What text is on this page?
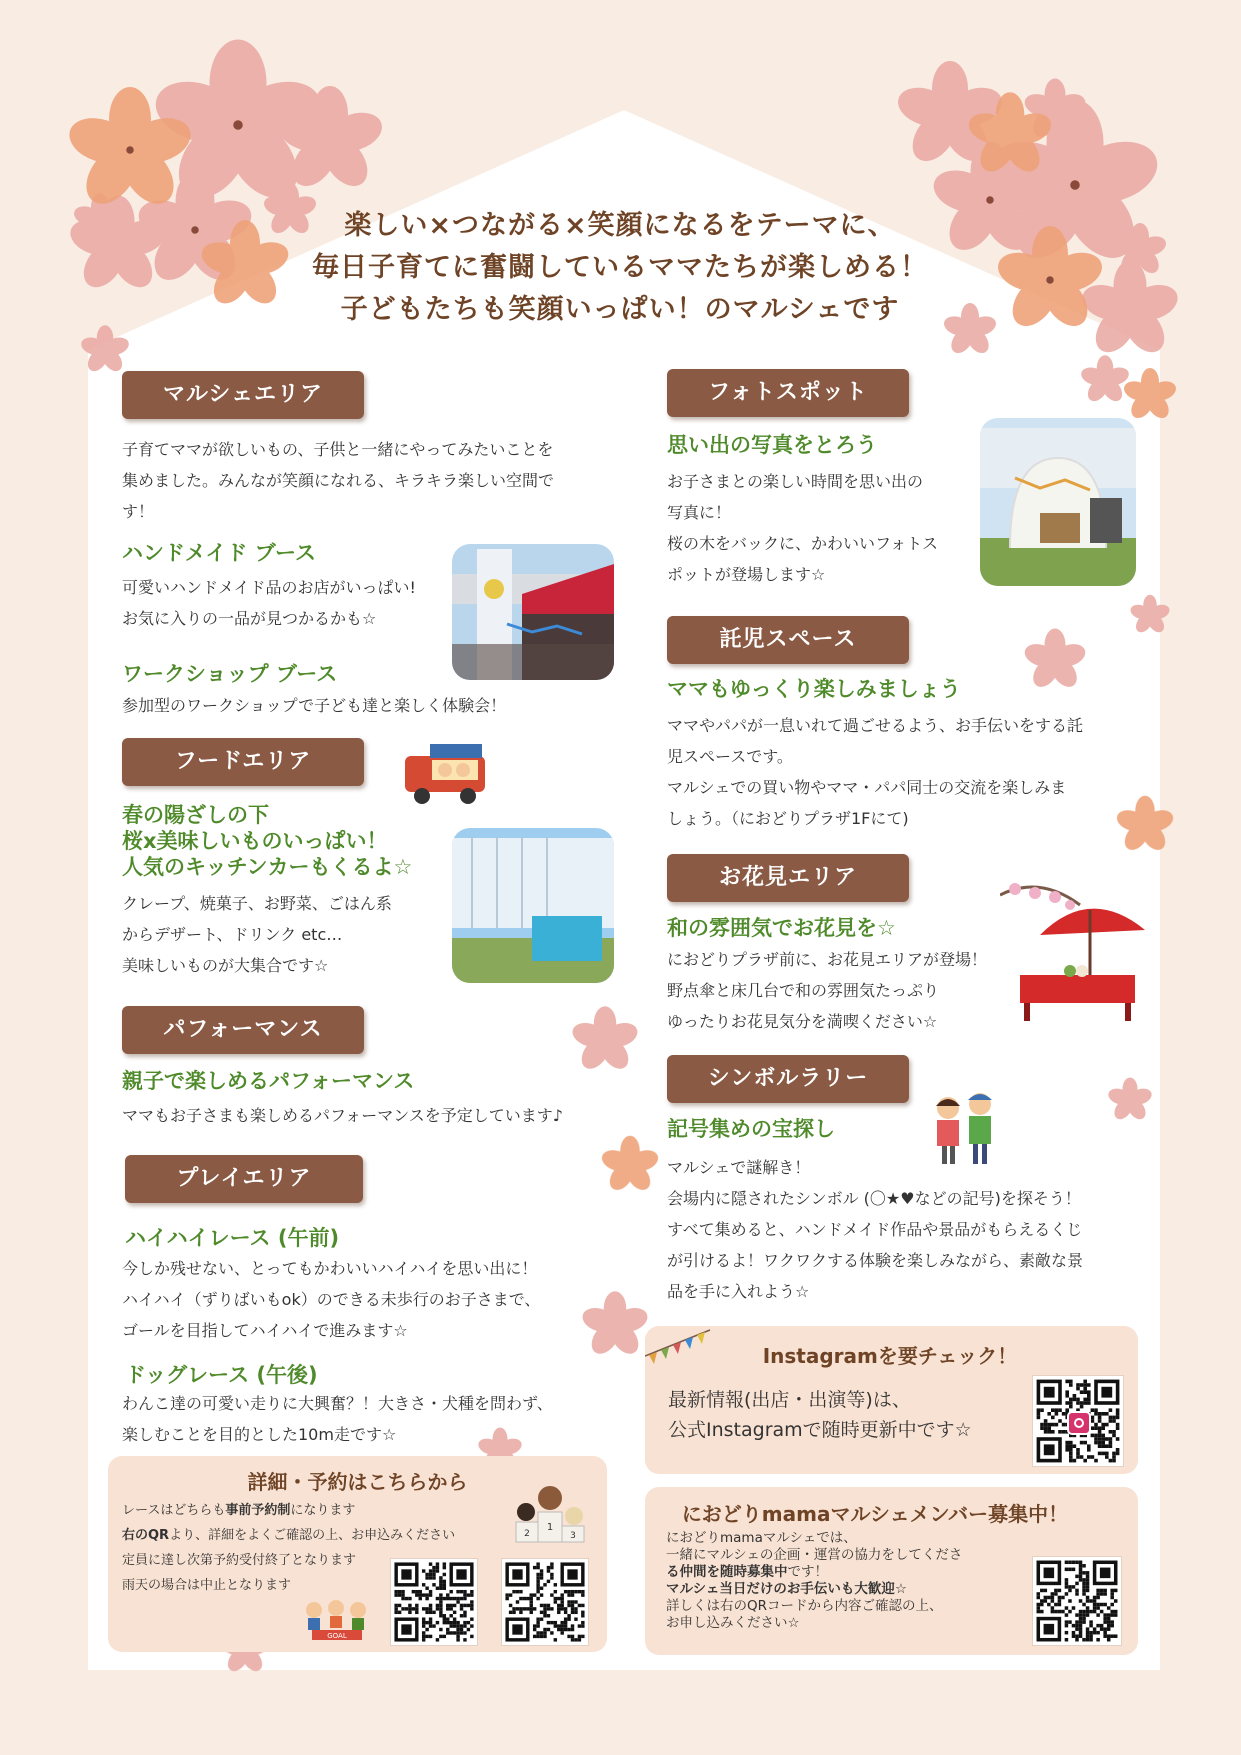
楽しい×つながる×笑顔になるをテーマに、
毎日子育てに奮闘しているママたちが楽しめる！
子どもたちも笑顔いっぱい！のマルシェです
マルシェエリア
子育てママが欲しいもの、子供と一緒にやってみたいことを
集めました。みんなが笑顔になれる、キラキラ楽しい空間で
す！
ハンドメイド ブース
可愛いハンドメイド品のお店がいっぱい!
お気に入りの一品が見つかるかも☆
ワークショップ ブース
参加型のワークショップで子ども達と楽しく体験会！
フードエリア
春の陽ざしの下
桜x美味しいものいっぱい！
人気のキッチンカーもくるよ☆
クレープ、焼菓子、お野菜、ごはん系
からデザート、ドリンク etc…
美味しいものが大集合です☆
パフォーマンス
親子で楽しめるパフォーマンス
ママもお子さまも楽しめるパフォーマンスを予定しています♪
プレイエリア
ハイハイレース (午前)
今しか残せない、とってもかわいいハイハイを思い出に！
ハイハイ（ずりばいもok）のできる未歩行のお子さまで、
ゴールを目指してハイハイで進みます☆
ドッグレース (午後)
わんこ達の可愛い走りに大興奮？！大きさ・犬種を問わず、
楽しむことを目的とした10m走です☆
詳細・予約はこちらから
レースはどちらも事前予約制になります
右のQRより、詳細をよくご確認の上、お申込みください
定員に達し次第予約受付終了となります
雨天の場合は中止となります
2
1
3
GOAL
フォトスポット
思い出の写真をとろう
お子さまとの楽しい時間を思い出の
写真に！
桜の木をバックに、かわいいフォトス
ポットが登場します☆
託児スペース
ママもゆっくり楽しみましょう
ママやパパが一息いれて過ごせるよう、お手伝いをする託
児スペースです。
マルシェでの買い物やママ・パパ同士の交流を楽しみま
しょう。（におどりプラザ1Fにて)
お花見エリア
和の雰囲気でお花見を☆
におどりプラザ前に、お花見エリアが登場！
野点傘と床几台で和の雰囲気たっぷり
ゆったりお花見気分を満喫ください☆
シンボルラリー
記号集めの宝探し
マルシェで謎解き！
会場内に隠されたシンボル (〇★♥などの記号)を探そう！
すべて集めると、ハンドメイド作品や景品がもらえるくじ
が引けるよ！ワクワクする体験を楽しみながら、素敵な景
品を手に入れよう☆
Instagramを要チェック！
最新情報(出店・出演等)は、
公式Instagramで随時更新中です☆
におどりmamaマルシェメンバー募集中！
におどりmamaマルシェでは、
一緒にマルシェの企画・運営の協力をしてくださ
る仲間を随時募集中です！
マルシェ当日だけのお手伝いも大歓迎☆
詳しくは右のQRコードから内容ご確認の上、
お申し込みください☆
